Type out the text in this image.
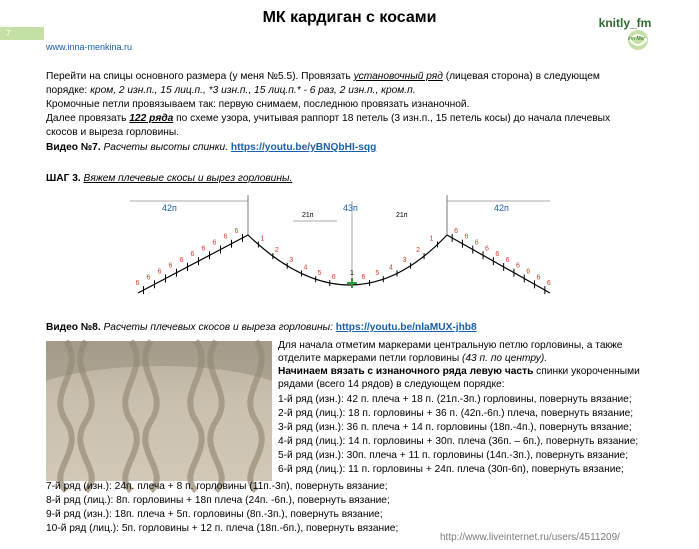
7
МК кардиган с косами	knitly_fm
Inn Mer
www.inna-menkina.ru
Перейти на спицы основного размера (у меня №5.5). Провязать установочный ряд (лицевая сторона) в следующем
порядке: кром, 2 изн.п., 15 лиц.п., *3 изн.п., 15 лиц.п.* - 6 раз, 2 изн.п., кром.п.
Кромочные петли провязываем так: первую снимаем, последнюю провязать изнаночной.
Далее провязать 122 ряда по схеме узора, учитывая раппорт 18 петель (3 изн.п., 15 петель косы) до начала плечевых
скосов и выреза горловины.
Видео №7. Расчеты высоты спинки. https://youtu.be/yBNQbHI-sqg
ШАГ 3. Вяжем плечевые скосы и вырез горловины.
42п	42п
21п	21п
43п
1
6
6
6
6
6
6
6
6
6
6	6
6
6
6
6
6
6
6
6
6
1
2
3
4
5
6
1
2
3
4
5
6
Видео №8. Расчеты плечевых скосов и выреза горловины: https://youtu.be/nlaMUX-jhb8
Для начала отметим маркерами центральную петлю горловины, а также
отделите маркерами петли горловины (43 п. по центру).
Начинаем вязать с изнаночного ряда левую часть спинки укороченными
рядами (всего 14 рядов) в следующем порядке:
1-й ряд (изн.): 42 п. плеча + 18 п. (21п.-3п.) горловины, повернуть вязание;
2-й ряд (лиц.): 18 п. горловины + 36 п. (42п.-6п.) плеча, повернуть вязание;
3-й ряд (изн.): 36 п. плеча + 14 п. горловины (18п.-4п.), повернуть вязание;
4-й ряд (лиц.): 14 п. горловины + 30п. плеча (36п. – 6п.), повернуть вязание;
5-й ряд (изн.): 30п. плеча + 11 п. горловины (14п.-3п.), повернуть вязание;
6-й ряд (лиц.): 11 п. горловины + 24п. плеча (30п-6п), повернуть вязание;
7-й ряд (изн.): 24п. плеча + 8 п. горловины (11п.-3п), повернуть вязание;
8-й ряд (лиц.): 8п. горловины + 18п плеча (24п. -6п.), повернуть вязание;
9-й ряд (изн.): 18п. плеча + 5п. горловины (8п.-3п.), повернуть вязание;
10-й ряд (лиц.): 5п. горловины + 12 п. плеча (18п.-6п.), повернуть вязание;
http://www.liveinternet.ru/users/4511209/
